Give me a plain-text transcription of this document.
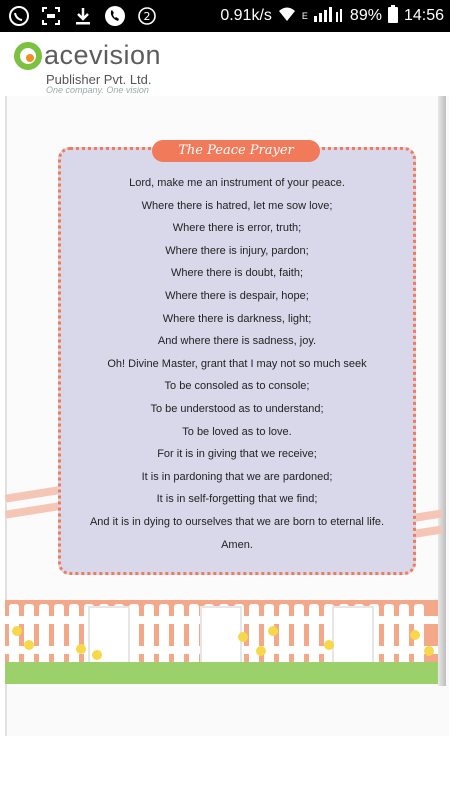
2	0.91k/s	E	89% 14:56
acevision
Publisher Pvt. Ltd.
One company. One vision
The Peace Prayer
Lord, make me an instrument of your peace.
Where there is hatred, let me sow love;
Where there is error, truth;
Where there is injury, pardon;
Where there is doubt, faith;
Where there is despair, hope;
Where there is darkness, light;
And where there is sadness, joy.
Oh! Divine Master, grant that I may not so much seek
To be consoled as to console;
To be understood as to understand;
To be loved as to love.
For it is in giving that we receive;
It is in pardoning that we are pardoned;
It is in self-forgetting that we find;
And it is in dying to ourselves that we are born to eternal life.
Amen.
